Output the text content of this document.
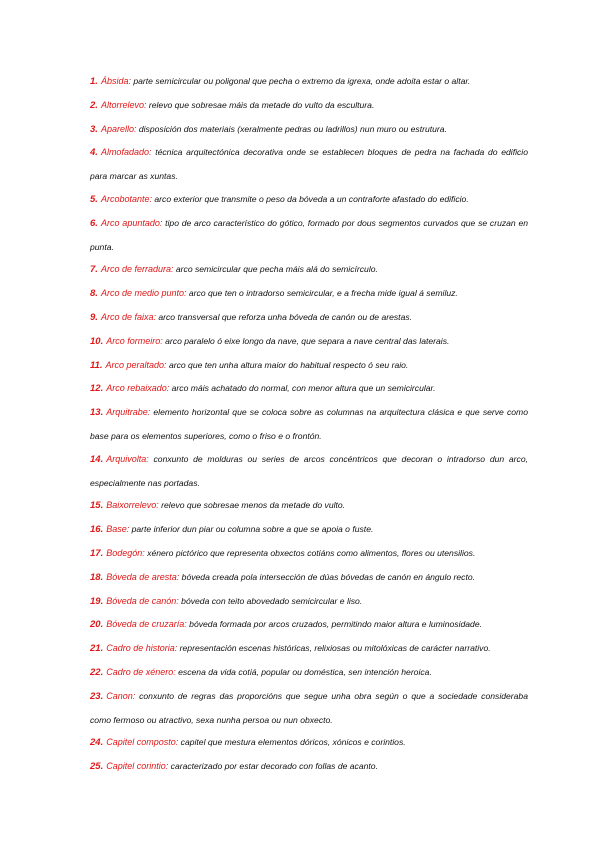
1. Ábsida: parte semicircular ou poligonal que pecha o extremo da igrexa, onde adoita estar o altar.
2. Altorrelevo: relevo que sobresae máis da metade do vulto da escultura.
3. Aparello: disposición dos materiais (xeralmente pedras ou ladrillos) nun muro ou estrutura.
4. Almofadado: técnica arquitectónica decorativa onde se establecen bloques de pedra na fachada do edificio para marcar as xuntas.
5. Arcobotante: arco exterior que transmite o peso da bóveda a un contraforte afastado do edificio.
6. Arco apuntado: tipo de arco característico do gótico, formado por dous segmentos curvados que se cruzan en punta.
7. Arco de ferradura: arco semicircular que pecha máis alá do semicírculo.
8. Arco de medio punto: arco que ten o intradorso semicircular, e a frecha mide igual á semiluz.
9. Arco de faixa: arco transversal que reforza unha bóveda de canón ou de arestas.
10. Arco formeiro: arco paralelo ó eixe longo da nave, que separa a nave central das laterais.
11. Arco peraltado: arco que ten unha altura maior do habitual respecto ó seu raio.
12. Arco rebaixado: arco máis achatado do normal, con menor altura que un semicircular.
13. Arquitrabe: elemento horizontal que se coloca sobre as columnas na arquitectura clásica e que serve como base para os elementos superiores, como o friso e o frontón.
14. Arquivolta: conxunto de molduras ou series de arcos concéntricos que decoran o intradorso dun arco, especialmente nas portadas.
15. Baixorrelevo: relevo que sobresae menos da metade do vulto.
16. Base: parte inferior dun piar ou columna sobre a que se apoia o fuste.
17. Bodegón: xénero pictórico que representa obxectos cotiáns como alimentos, flores ou utensilios.
18. Bóveda de aresta: bóveda creada pola intersección de dúas bóvedas de canón en ángulo recto.
19. Bóveda de canón: bóveda con teito abovedado semicircular e liso.
20. Bóveda de cruzaría: bóveda formada por arcos cruzados, permitindo maior altura e luminosidade.
21. Cadro de historia: representación escenas históricas, relixiosas ou mitolóxicas de carácter narrativo.
22. Cadro de xénero: escena da vida cotiá, popular ou doméstica, sen intención heroica.
23. Canon: conxunto de regras das proporcións que segue unha obra según o que a sociedade consideraba como fermoso ou atractivo, sexa nunha persoa ou nun obxecto.
24. Capitel composto: capitel que mestura elementos dóricos, xónicos e corintios.
25. Capitel corintio: caracterizado por estar decorado con follas de acanto.
